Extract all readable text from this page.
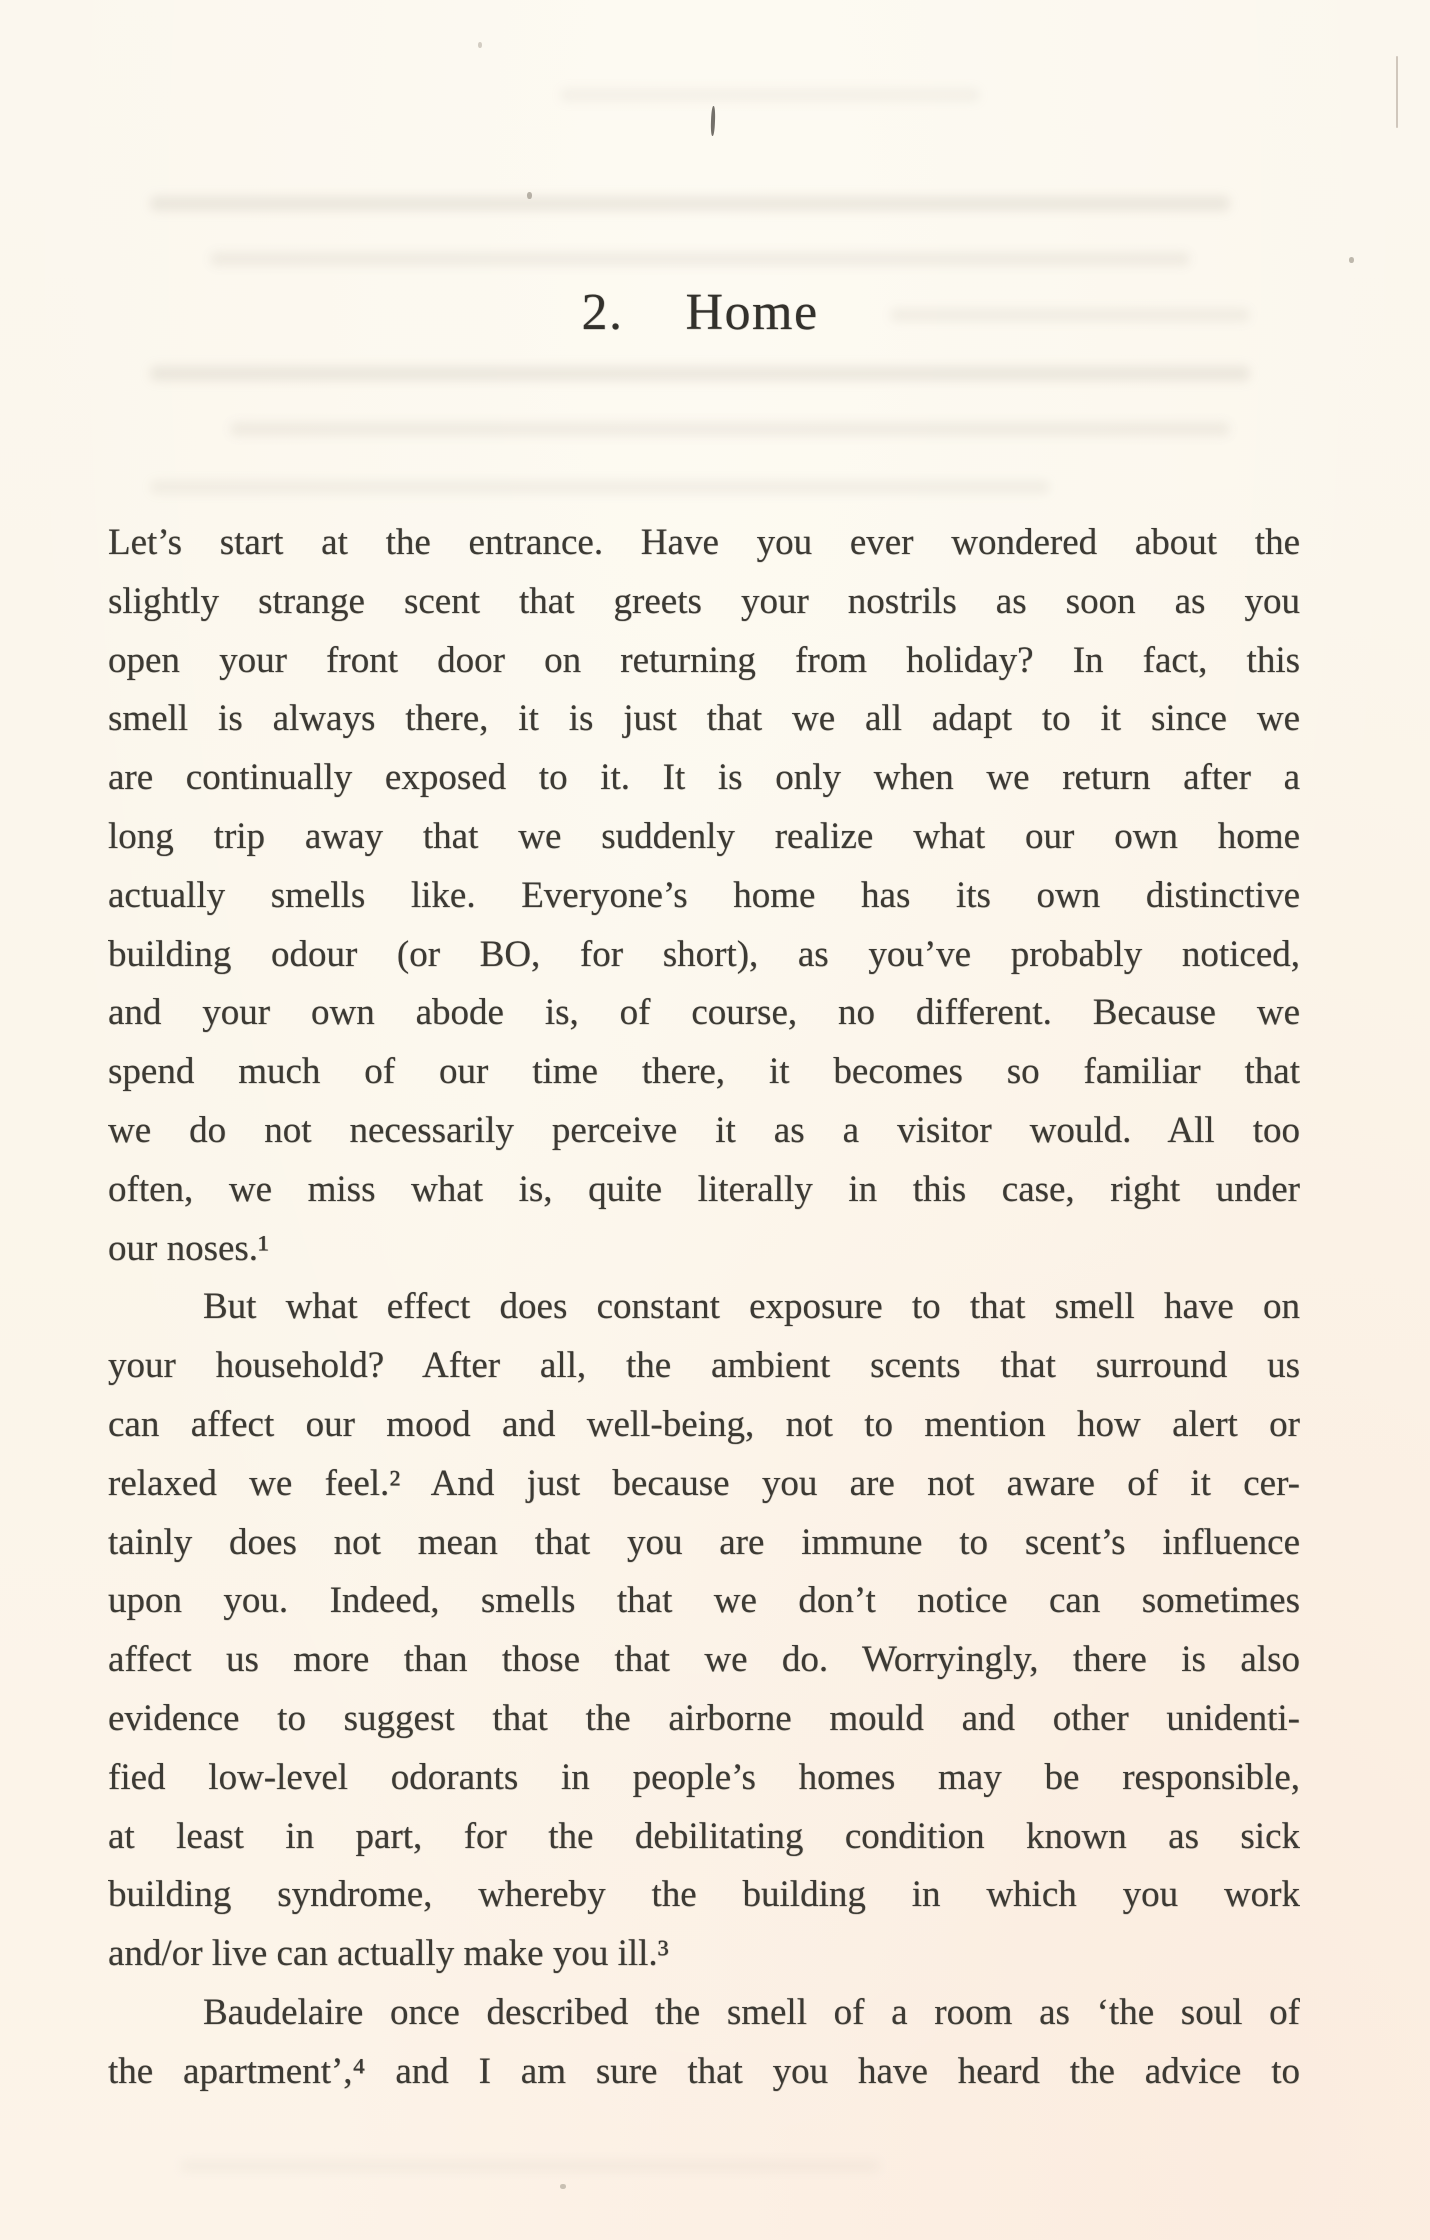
2. Home
Let’s start at the entrance. Have you ever wondered about the
slightly strange scent that greets your nostrils as soon as you
open your front door on returning from holiday? In fact, this
smell is always there, it is just that we all adapt to it since we
are continually exposed to it. It is only when we return after a
long trip away that we suddenly realize what our own home
actually smells like. Everyone’s home has its own distinctive
building odour (or BO, for short), as you’ve probably noticed,
and your own abode is, of course, no different. Because we
spend much of our time there, it becomes so familiar that
we do not necessarily perceive it as a visitor would. All too
often, we miss what is, quite literally in this case, right under
our noses.¹
But what effect does constant exposure to that smell have on
your household? After all, the ambient scents that surround us
can affect our mood and well-being, not to mention how alert or
relaxed we feel.² And just because you are not aware of it cer-
tainly does not mean that you are immune to scent’s influence
upon you. Indeed, smells that we don’t notice can sometimes
affect us more than those that we do. Worryingly, there is also
evidence to suggest that the airborne mould and other unidenti-
fied low-level odorants in people’s homes may be responsible,
at least in part, for the debilitating condition known as sick
building syndrome, whereby the building in which you work
and/or live can actually make you ill.³
Baudelaire once described the smell of a room as ‘the soul of
the apartment’,⁴ and I am sure that you have heard the advice to
